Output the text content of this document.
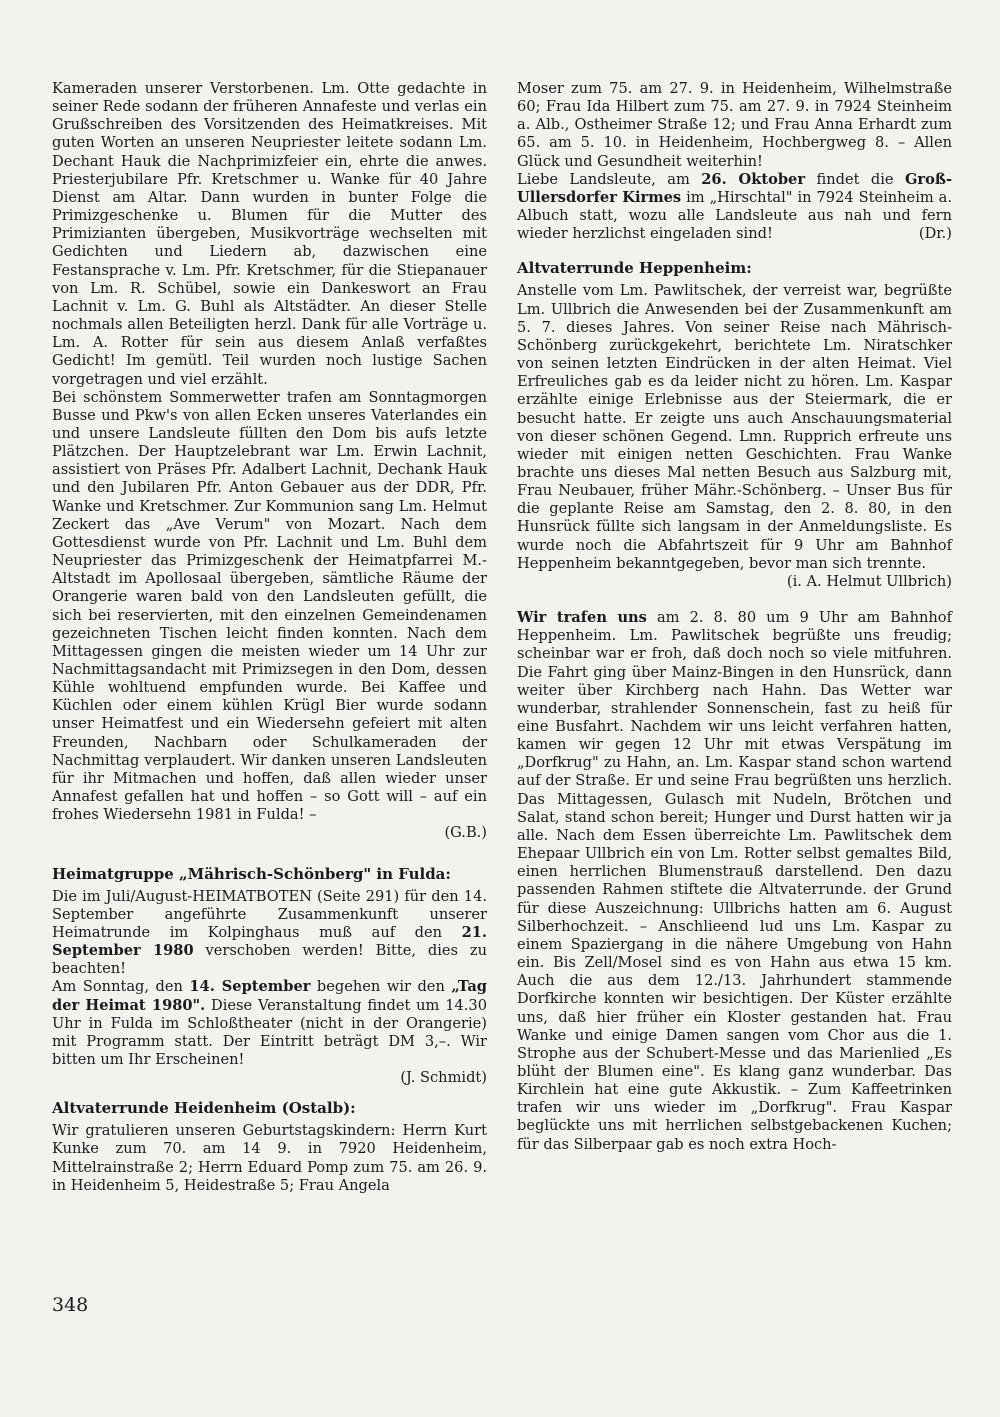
Kameraden unserer Verstorbenen. Lm. Otte gedachte in seiner Rede sodann der früheren Annafeste und verlas ein Grußschreiben des Vorsitzenden des Heimatkreises. Mit guten Worten an unseren Neupriester leitete sodann Lm. Dechant Hauk die Nachprimizfeier ein, ehrte die anwes. Priesterjubilare Pfr. Kretschmer u. Wanke für 40 Jahre Dienst am Altar. Dann wurden in bunter Folge die Primizgeschenke u. Blumen für die Mutter des Primizianten übergeben, Musikvorträge wechselten mit Gedichten und Liedern ab, dazwischen eine Festansprache v. Lm. Pfr. Kretschmer, für die Stiepanauer von Lm. R. Schübel, sowie ein Dankeswort an Frau Lachnit v. Lm. G. Buhl als Altstädter. An dieser Stelle nochmals allen Beteiligten herzl. Dank für alle Vorträge u. Lm. A. Rotter für sein aus diesem Anlaß verfaßtes Gedicht! Im gemütl. Teil wurden noch lustige Sachen vorgetragen und viel erzählt.

Bei schönstem Sommerwetter trafen am Sonntagmorgen Busse und Pkw's von allen Ecken unseres Vaterlandes ein und unsere Landsleute füllten den Dom bis aufs letzte Plätzchen. Der Hauptzelebrant war Lm. Erwin Lachnit, assistiert von Präses Pfr. Adalbert Lachnit, Dechank Hauk und den Jubilaren Pfr. Anton Gebauer aus der DDR, Pfr. Wanke und Kretschmer. Zur Kommunion sang Lm. Helmut Zeckert das „Ave Verum" von Mozart. Nach dem Gottesdienst wurde von Pfr. Lachnit und Lm. Buhl dem Neupriester das Primizgeschenk der Heimatpfarrei M.-Altstadt im Apollosaal übergeben, sämtliche Räume der Orangerie waren bald von den Landsleuten gefüllt, die sich bei reservierten, mit den einzelnen Gemeindenamen gezeichneten Tischen leicht finden konnten. Nach dem Mittagessen gingen die meisten wieder um 14 Uhr zur Nachmittagsandacht mit Primizsegen in den Dom, dessen Kühle wohltuend empfunden wurde. Bei Kaffee und Küchlen oder einem kühlen Krügl Bier wurde sodann unser Heimatfest und ein Wiedersehn gefeiert mit alten Freunden, Nachbarn oder Schulkameraden der Nachmittag verplaudert. Wir danken unseren Landsleuten für ihr Mitmachen und hoffen, daß allen wieder unser Annafest gefallen hat und hoffen – so Gott will – auf ein frohes Wiedersehn 1981 in Fulda! –

(G.B.)

Heimatgruppe „Mährisch-Schönberg" in Fulda:

Die im Juli/August-HEIMATBOTEN (Seite 291) für den 14. September angeführte Zusammenkunft unserer Heimatrunde im Kolpinghaus muß auf den 21. September 1980 verschoben werden! Bitte, dies zu beachten!

Am Sonntag, den 14. September begehen wir den „Tag der Heimat 1980". Diese Veranstaltung findet um 14.30 Uhr in Fulda im Schloßtheater (nicht in der Orangerie) mit Programm statt. Der Eintritt beträgt DM 3,–. Wir bitten um Ihr Erscheinen!

(J. Schmidt)

Altvaterrunde Heidenheim (Ostalb):

Wir gratulieren unseren Geburtstagskindern: Herrn Kurt Kunke zum 70. am 14 9. in 7920 Heidenheim, Mittelrainstraße 2; Herrn Eduard Pomp zum 75. am 26. 9. in Heidenheim 5, Heidestraße 5; Frau Angela

Moser zum 75. am 27. 9. in Heidenheim, Wilhelmstraße 60; Frau Ida Hilbert zum 75. am 27. 9. in 7924 Steinheim a. Alb., Ostheimer Straße 12; und Frau Anna Erhardt zum 65. am 5. 10. in Heidenheim, Hochbergweg 8. – Allen Glück und Gesundheit weiterhin!

Liebe Landsleute, am 26. Oktober findet die Groß-Ullersdorfer Kirmes im „Hirschtal" in 7924 Steinheim a. Albuch statt, wozu alle Landsleute aus nah und fern wieder herzlichst eingeladen sind!	(Dr.)

Altvaterrunde Heppenheim:

Anstelle vom Lm. Pawlitschek, der verreist war, begrüßte Lm. Ullbrich die Anwesenden bei der Zusammenkunft am 5. 7. dieses Jahres. Von seiner Reise nach Mährisch-Schönberg zurückgekehrt, berichtete Lm. Niratschker von seinen letzten Eindrücken in der alten Heimat. Viel Erfreuliches gab es da leider nicht zu hören. Lm. Kaspar erzählte einige Erlebnisse aus der Steiermark, die er besucht hatte. Er zeigte uns auch Anschauungsmaterial von dieser schönen Gegend. Lmn. Rupprich erfreute uns wieder mit einigen netten Geschichten. Frau Wanke brachte uns dieses Mal netten Besuch aus Salzburg mit, Frau Neubauer, früher Mähr.-Schönberg. – Unser Bus für die geplante Reise am Samstag, den 2. 8. 80, in den Hunsrück füllte sich langsam in der Anmeldungsliste. Es wurde noch die Abfahrtszeit für 9 Uhr am Bahnhof Heppenheim bekanntgegeben, bevor man sich trennte.

(i. A. Helmut Ullbrich)

Wir trafen uns am 2. 8. 80 um 9 Uhr am Bahnhof Heppenheim. Lm. Pawlitschek begrüßte uns freudig; scheinbar war er froh, daß doch noch so viele mitfuhren. Die Fahrt ging über Mainz-Bingen in den Hunsrück, dann weiter über Kirchberg nach Hahn. Das Wetter war wunderbar, strahlender Sonnenschein, fast zu heiß für eine Busfahrt. Nachdem wir uns leicht verfahren hatten, kamen wir gegen 12 Uhr mit etwas Verspätung im „Dorfkrug" zu Hahn, an. Lm. Kaspar stand schon wartend auf der Straße. Er und seine Frau begrüßten uns herzlich. Das Mittagessen, Gulasch mit Nudeln, Brötchen und Salat, stand schon bereit; Hunger und Durst hatten wir ja alle. Nach dem Essen überreichte Lm. Pawlitschek dem Ehepaar Ullbrich ein von Lm. Rotter selbst gemaltes Bild, einen herrlichen Blumenstrauß darstellend. Den dazu passenden Rahmen stiftete die Altvaterrunde. der Grund für diese Auszeichnung: Ullbrichs hatten am 6. August Silberhochzeit. – Anschlieend lud uns Lm. Kaspar zu einem Spaziergang in die nähere Umgebung von Hahn ein. Bis Zell/Mosel sind es von Hahn aus etwa 15 km. Auch die aus dem 12./13. Jahrhundert stammende Dorfkirche konnten wir besichtigen. Der Küster erzählte uns, daß hier früher ein Kloster gestanden hat. Frau Wanke und einige Damen sangen vom Chor aus die 1. Strophe aus der Schubert-Messe und das Marienlied „Es blüht der Blumen eine". Es klang ganz wunderbar. Das Kirchlein hat eine gute Akkustik. – Zum Kaffeetrinken trafen wir uns wieder im „Dorfkrug". Frau Kaspar beglückte uns mit herrlichen selbstgebackenen Kuchen; für das Silberpaar gab es noch extra Hoch-

348
